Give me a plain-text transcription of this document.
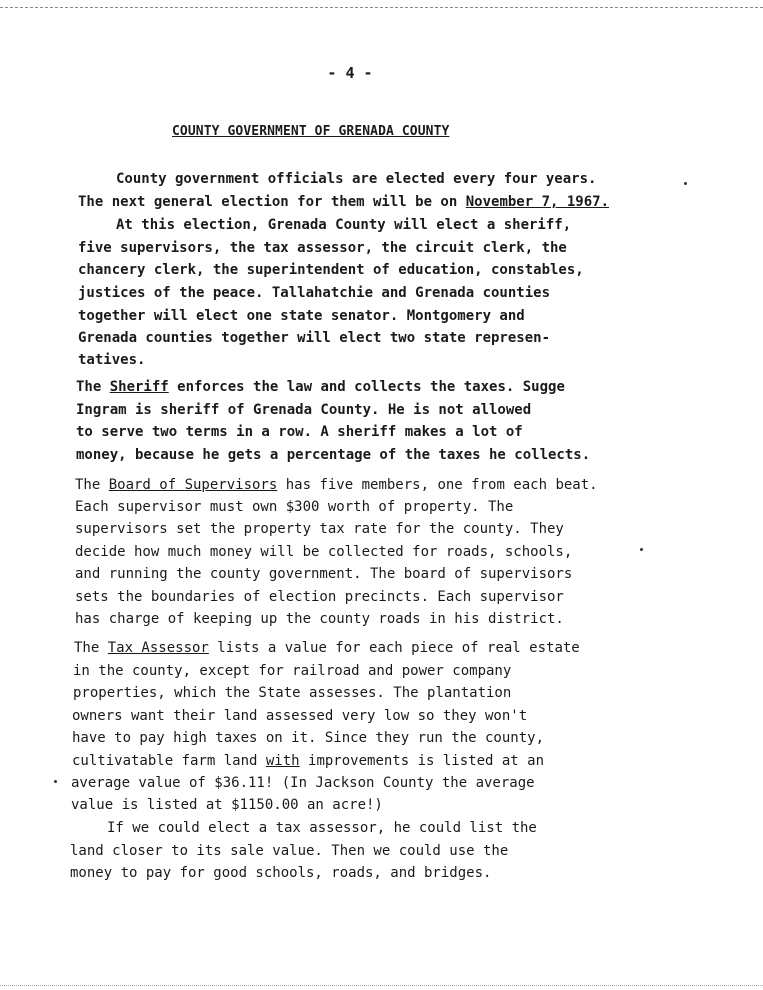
- 4 -
COUNTY GOVERNMENT OF GRENADA COUNTY
County government officials are elected every four years.
The next general election for them will be on November 7, 1967.
At this election, Grenada County will elect a sheriff,
five supervisors, the tax assessor, the circuit clerk, the
chancery clerk, the superintendent of education, constables,
justices of the peace. Tallahatchie and Grenada counties
together will elect one state senator. Montgomery and
Grenada counties together will elect two state represen-
tatives.
The Sheriff enforces the law and collects the taxes. Sugge
Ingram is sheriff of Grenada County. He is not allowed
to serve two terms in a row. A sheriff makes a lot of
money, because he gets a percentage of the taxes he collects.
The Board of Supervisors has five members, one from each beat.
Each supervisor must own $300 worth of property. The
supervisors set the property tax rate for the county. They
decide how much money will be collected for roads, schools,
and running the county government. The board of supervisors
sets the boundaries of election precincts. Each supervisor
has charge of keeping up the county roads in his district.
The Tax Assessor lists a value for each piece of real estate
in the county, except for railroad and power company
properties, which the State assesses. The plantation
owners want their land assessed very low so they won't
have to pay high taxes on it. Since they run the county,
cultivatable farm land with improvements is listed at an
average value of $36.11! (In Jackson County the average
value is listed at $1150.00 an acre!)
If we could elect a tax assessor, he could list the
land closer to its sale value. Then we could use the
money to pay for good schools, roads, and bridges.
